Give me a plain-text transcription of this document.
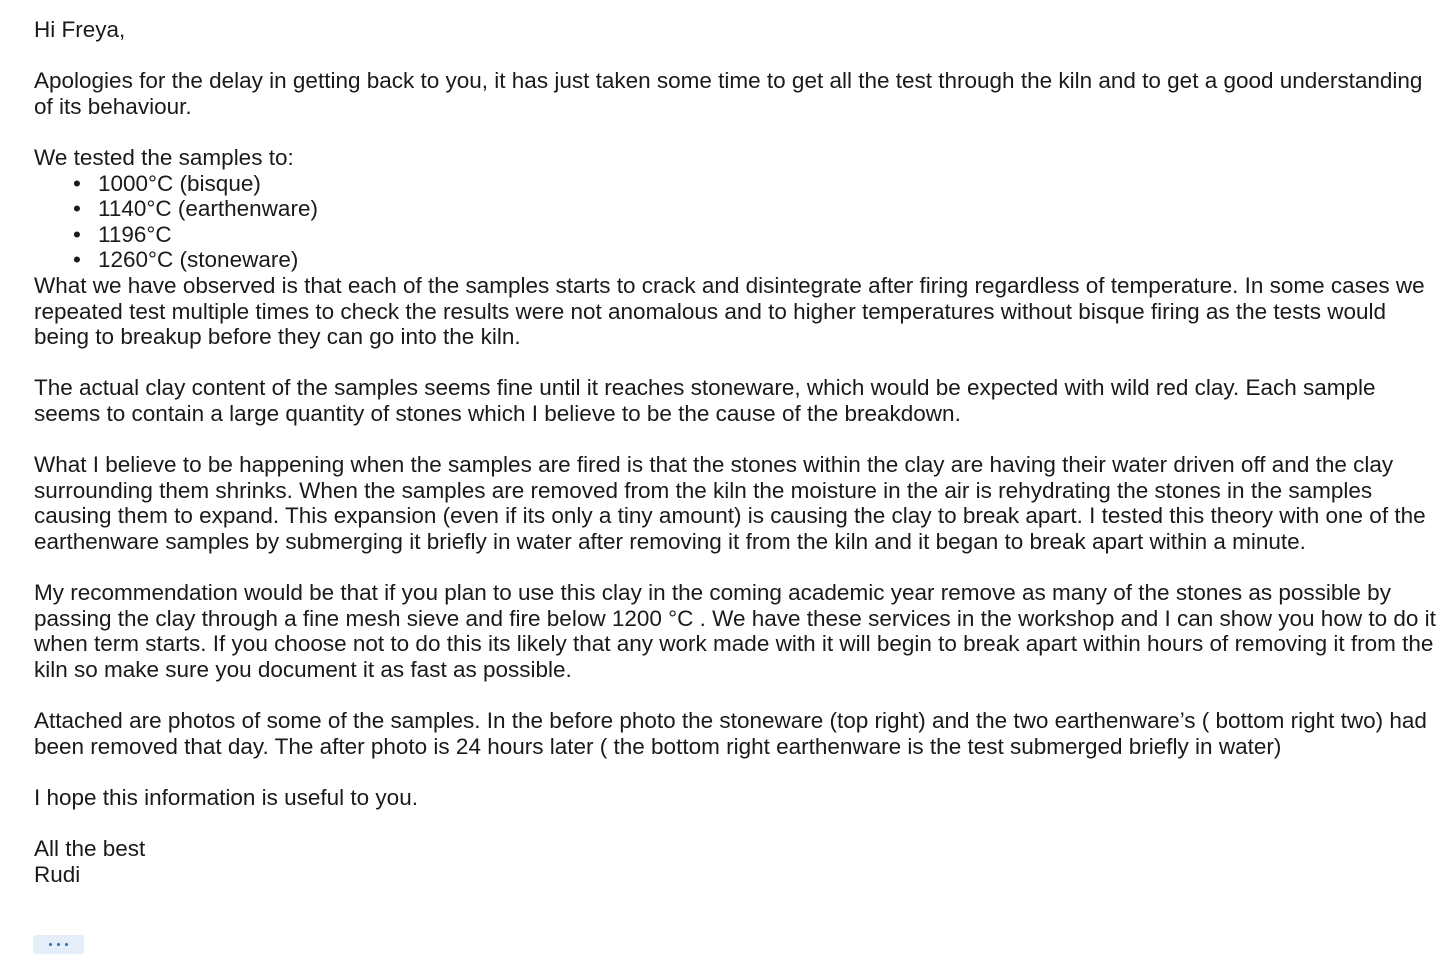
Hi Freya,

Apologies for the delay in getting back to you, it has just taken some time to get all the test through the kiln and to get a good understanding of its behaviour.

We tested the samples to:

• 1000°C (bisque)
• 1140°C (earthenware)
• 1196°C
• 1260°C (stoneware)

What we have observed is that each of the samples starts to crack and disintegrate after firing regardless of temperature. In some cases we repeated test multiple times to check the results were not anomalous and to higher temperatures without bisque firing as the tests would being to breakup before they can go into the kiln.

The actual clay content of the samples seems fine until it reaches stoneware, which would be expected with wild red clay. Each sample seems to contain a large quantity of stones which I believe to be the cause of the breakdown.

What I believe to be happening when the samples are fired is that the stones within the clay are having their water driven off and the clay surrounding them shrinks. When the samples are removed from the kiln the moisture in the air is rehydrating the stones in the samples causing them to expand. This expansion (even if its only a tiny amount) is causing the clay to break apart. I tested this theory with one of the earthenware samples by submerging it briefly in water after removing it from the kiln and it began to break apart within a minute.

My recommendation would be that if you plan to use this clay in the coming academic year remove as many of the stones as possible by passing the clay through a fine mesh sieve and fire below 1200 °C . We have these services in the workshop and I can show you how to do it when term starts. If you choose not to do this its likely that any work made with it will begin to break apart within hours of removing it from the kiln so make sure you document it as fast as possible.

Attached are photos of some of the samples. In the before photo the stoneware (top right) and the two earthenware’s ( bottom right two) had been removed that day. The after photo is 24 hours later ( the bottom right earthenware is the test submerged briefly in water)

I hope this information is useful to you.

All the best

Rudi
